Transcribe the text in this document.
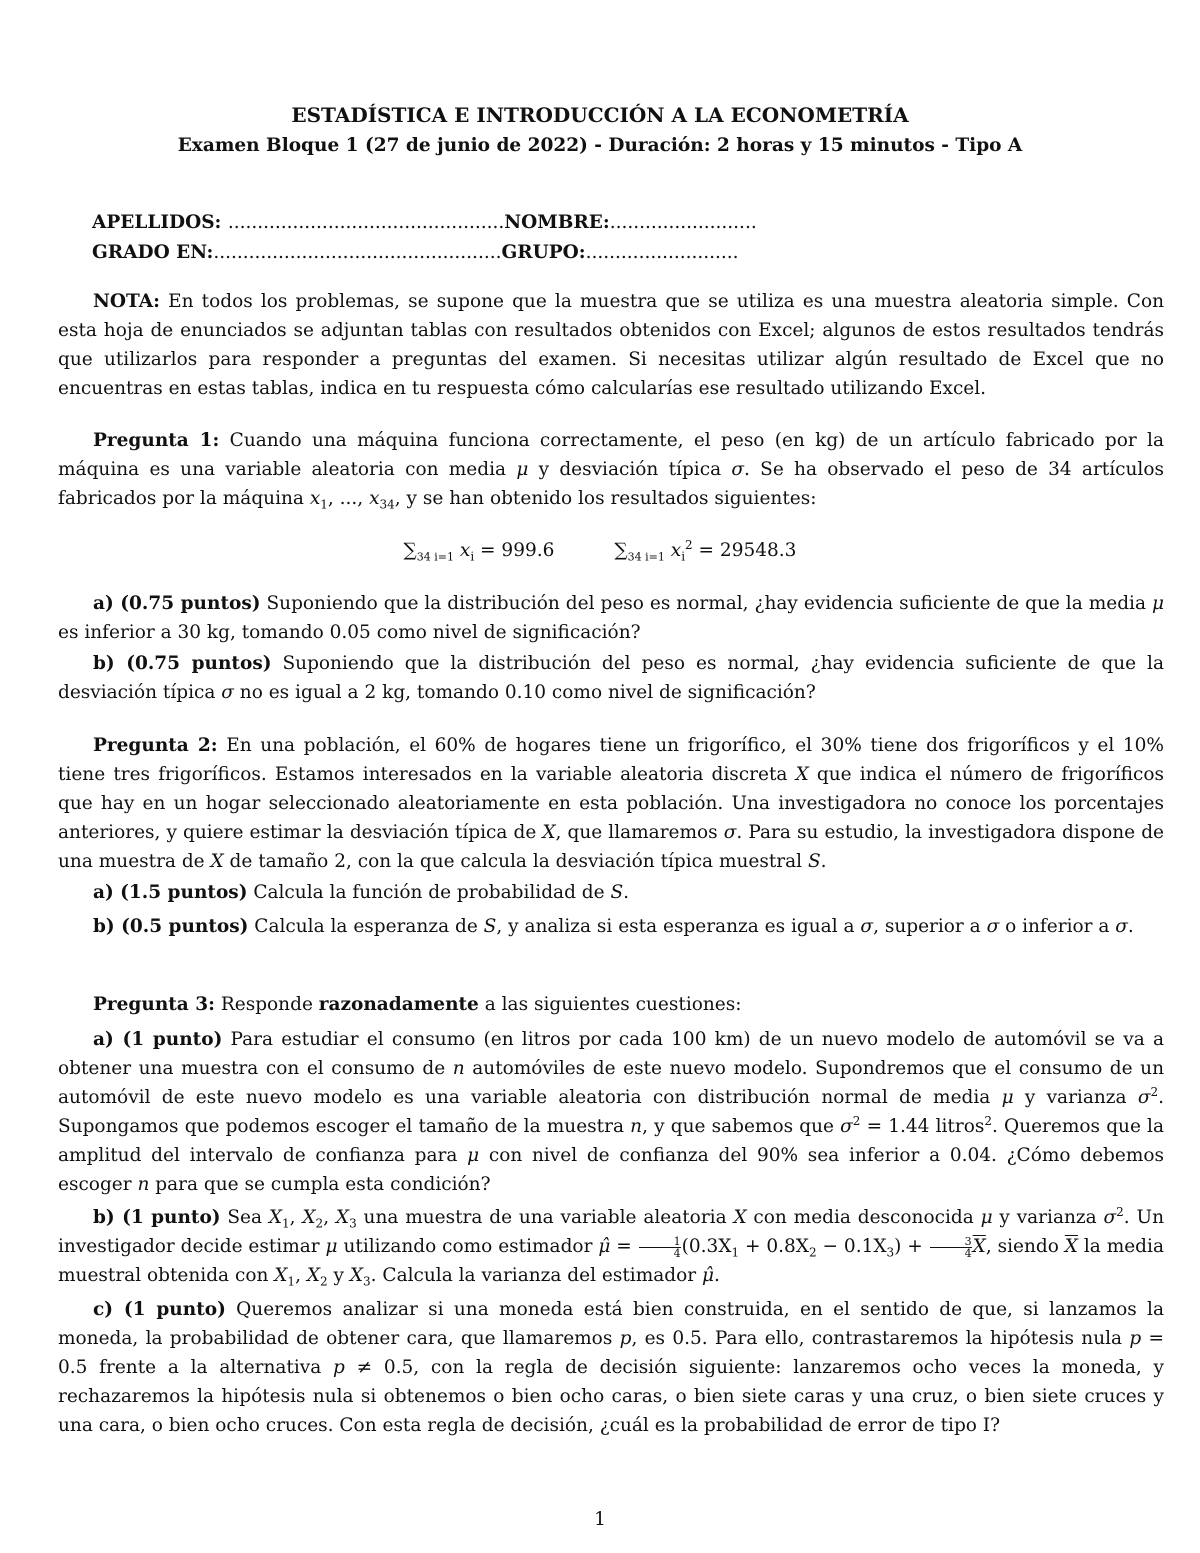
ESTADÍSTICA E INTRODUCCIÓN A LA ECONOMETRÍA
Examen Bloque 1 (27 de junio de 2022) - Duración: 2 horas y 15 minutos - Tipo A
APELLIDOS: ...............................................NOMBRE:.........................
GRADO EN:.................................................GRUPO:..........................
NOTA: En todos los problemas, se supone que la muestra que se utiliza es una muestra aleatoria simple. Con esta hoja de enunciados se adjuntan tablas con resultados obtenidos con Excel; algunos de estos resultados tendrás que utilizarlos para responder a preguntas del examen. Si necesitas utilizar algún resultado de Excel que no encuentras en estas tablas, indica en tu respuesta cómo calcularías ese resultado utilizando Excel.
Pregunta 1: Cuando una máquina funciona correctamente, el peso (en kg) de un artículo fabricado por la máquina es una variable aleatoria con media μ y desviación típica σ. Se ha observado el peso de 34 artículos fabricados por la máquina $x_1$, ..., $x_{34}$, y se han obtenido los resultados siguientes:
$\sum_{34 i=1}$ $x_i = 999.6$	$\sum_{34 i=1}$ $x_i^2 = 29548.3$
a) (0.75 puntos) Suponiendo que la distribución del peso es normal, ¿hay evidencia suficiente de que la media μ es inferior a 30 kg, tomando 0.05 como nivel de significación?
b) (0.75 puntos) Suponiendo que la distribución del peso es normal, ¿hay evidencia suficiente de que la desviación típica σ no es igual a 2 kg, tomando 0.10 como nivel de significación?
Pregunta 2: En una población, el 60% de hogares tiene un frigorífico, el 30% tiene dos frigoríficos y el 10% tiene tres frigoríficos. Estamos interesados en la variable aleatoria discreta X que indica el número de frigoríficos que hay en un hogar seleccionado aleatoriamente en esta población. Una investigadora no conoce los porcentajes anteriores, y quiere estimar la desviación típica de X, que llamaremos σ. Para su estudio, la investigadora dispone de una muestra de X de tamaño 2, con la que calcula la desviación típica muestral S.
a) (1.5 puntos) Calcula la función de probabilidad de S.
b) (0.5 puntos) Calcula la esperanza de S, y analiza si esta esperanza es igual a σ, superior a σ o inferior a σ.
Pregunta 3: Responde razonadamente a las siguientes cuestiones:
a) (1 punto) Para estudiar el consumo (en litros por cada 100 km) de un nuevo modelo de automóvil se va a obtener una muestra con el consumo de n automóviles de este nuevo modelo. Supondremos que el consumo de un automóvil de este nuevo modelo es una variable aleatoria con distribución normal de media μ y varianza $\sigma^2$. Supongamos que podemos escoger el tamaño de la muestra n, y que sabemos que $\sigma^2 = 1.44$ litros$^2$. Queremos que la amplitud del intervalo de confianza para μ con nivel de confianza del 90% sea inferior a 0.04. ¿Cómo debemos escoger n para que se cumpla esta condición?
b) (1 punto) Sea $X_1$, $X_2$, $X_3$ una muestra de una variable aleatoria X con media desconocida μ y varianza $\sigma^2$. Un investigador decide estimar μ utilizando como estimador μ̂ = $\frac{1}{4} (0.3X_1 + 0.8X_2 - 0.1X_3) + \frac{3}{4} \overline{X}$, siendo $\overline{X}$ la media muestral obtenida con $X_1$, $X_2$ y $X_3$. Calcula la varianza del estimador μ̂.
c) (1 punto) Queremos analizar si una moneda está bien construida, en el sentido de que, si lanzamos la moneda, la probabilidad de obtener cara, que llamaremos p, es 0.5. Para ello, contrastaremos la hipótesis nula p = 0.5 frente a la alternativa p ≠ 0.5, con la regla de decisión siguiente: lanzaremos ocho veces la moneda, y rechazaremos la hipótesis nula si obtenemos o bien ocho caras, o bien siete caras y una cruz, o bien siete cruces y una cara, o bien ocho cruces. Con esta regla de decisión, ¿cuál es la probabilidad de error de tipo I?
1
